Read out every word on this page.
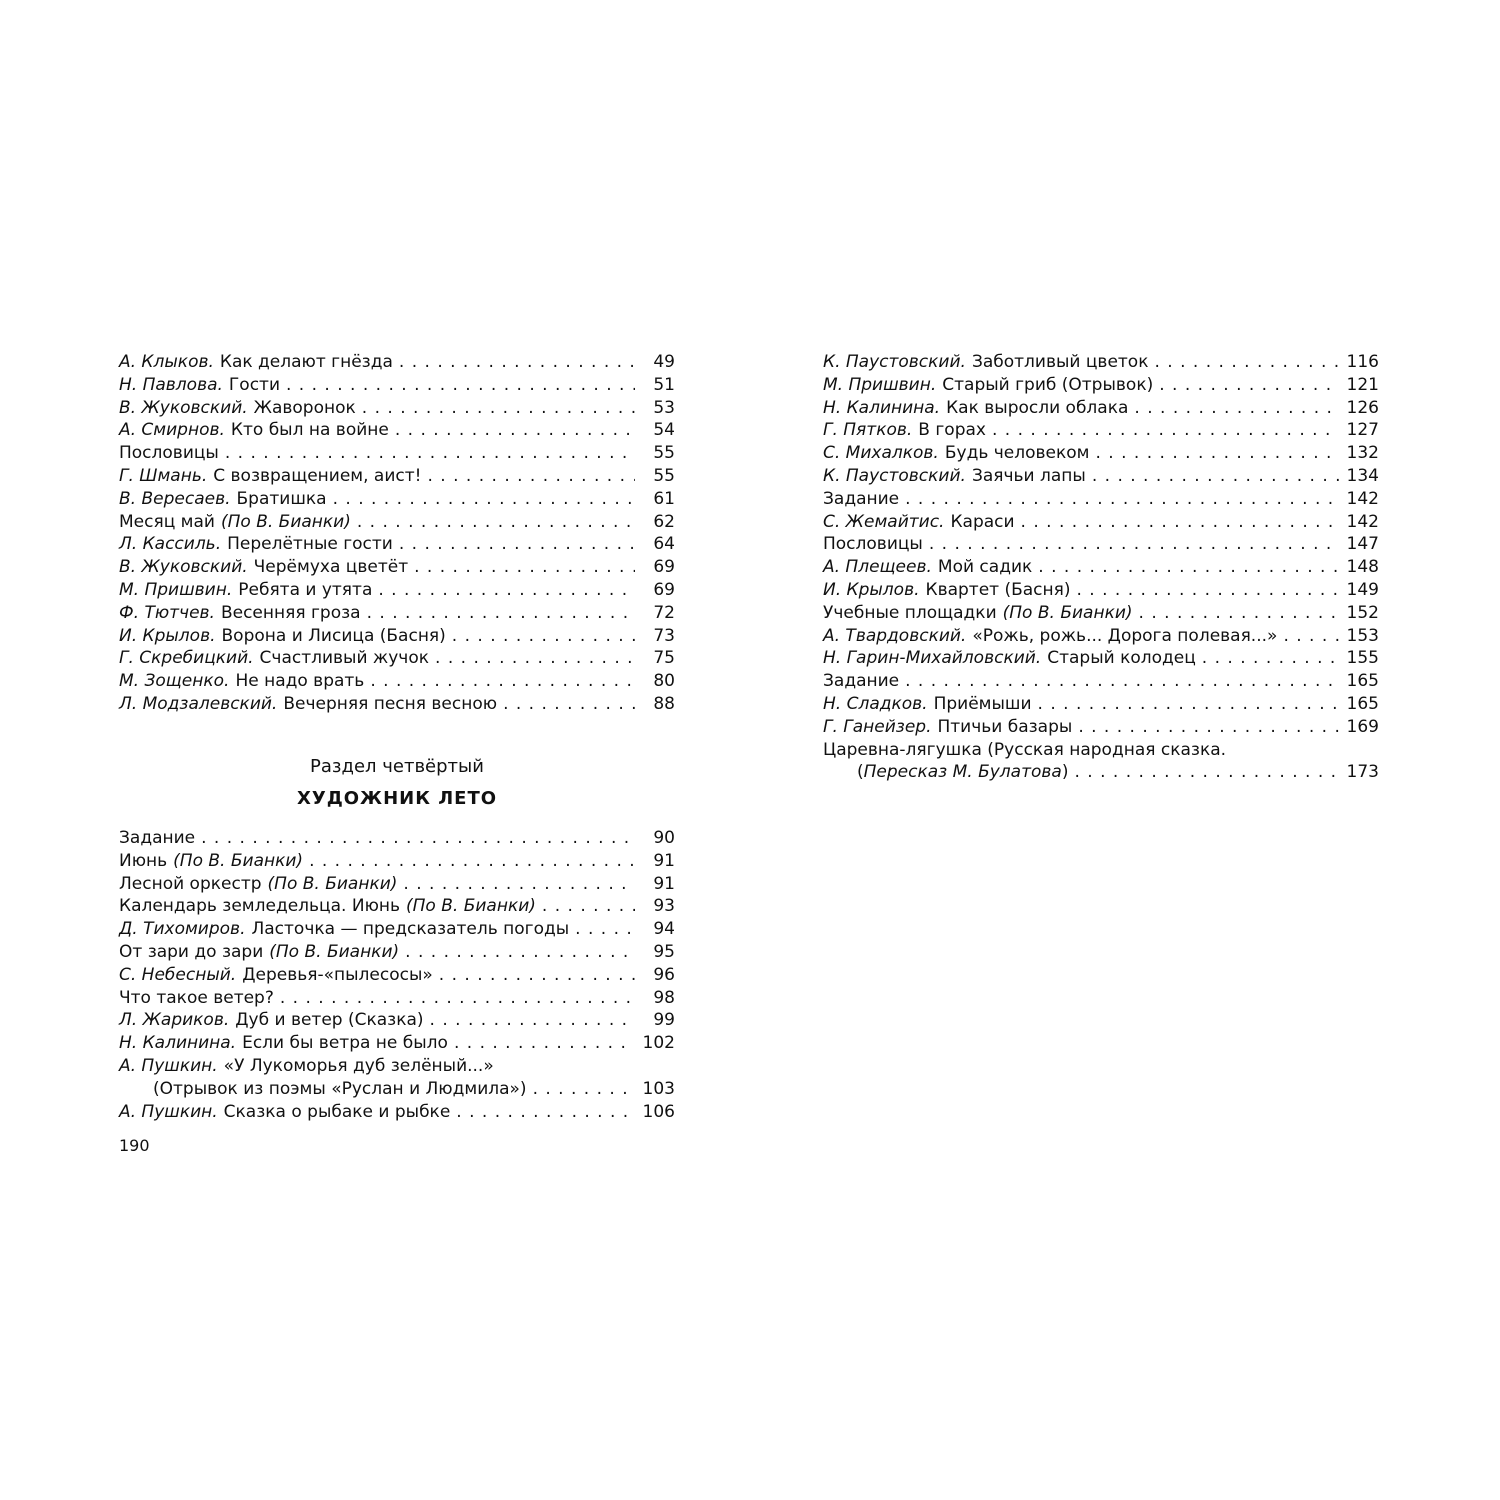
А. Клыков. Как делают гнёзда . . .	49
Н. Павлова. Гости . . .	51
В. Жуковский. Жаворонок . . .	53
А. Смирнов. Кто был на войне . . .	54
Пословицы . . .	55
Г. Шмань. С возвращением, аист! . . .	55
В. Вересаев. Братишка . . .	61
Месяц май (По В. Бианки) . . .	62
Л. Кассиль. Перелётные гости . . .	64
В. Жуковский. Черёмуха цветёт . . .	69
М. Пришвин. Ребята и утята . . .	69
Ф. Тютчев. Весенняя гроза . . .	72
И. Крылов. Ворона и Лисица (Басня) . . .	73
Г. Скребицкий. Счастливый жучок . . .	75
М. Зощенко. Не надо врать . . .	80
Л. Модзалевский. Вечерняя песня весною . . .	88
Раздел четвёртый
ХУДОЖНИК ЛЕТО
Задание . . .	90
Июнь (По В. Бианки) . . .	91
Лесной оркестр (По В. Бианки) . . .	91
Календарь земледельца. Июнь (По В. Бианки) . . .	93
Д. Тихомиров. Ласточка — предсказатель погоды . . .	94
От зари до зари (По В. Бианки) . . .	95
С. Небесный. Деревья-«пылесосы» . . .	96
Что такое ветер? . . .	98
Л. Жариков. Дуб и ветер (Сказка) . . .	99
Н. Калинина. Если бы ветра не было . . .	102
А. Пушкин. «У Лукоморья дуб зелёный...»
(Отрывок из поэмы «Руслан и Людмила») . . .	103
А. Пушкин. Сказка о рыбаке и рыбке . . .	106
К. Паустовский. Заботливый цветок . . .	116
М. Пришвин. Старый гриб (Отрывок) . . .	121
Н. Калинина. Как выросли облака . . .	126
Г. Пятков. В горах . . .	127
С. Михалков. Будь человеком . . .	132
К. Паустовский. Заячьи лапы . . .	134
Задание . . .	142
С. Жемайтис. Караси . . .	142
Пословицы . . .	147
А. Плещеев. Мой садик . . .	148
И. Крылов. Квартет (Басня) . . .	149
Учебные площадки (По В. Бианки) . . .	152
А. Твардовский. «Рожь, рожь... Дорога полевая...» . . .	153
Н. Гарин-Михайловский. Старый колодец . . .	155
Задание . . .	165
Н. Сладков. Приёмыши . . .	165
Г. Ганейзер. Птичьи базары . . .	169
Царевна-лягушка (Русская народная сказка.
(Пересказ М. Булатова ) . . .	173
190
